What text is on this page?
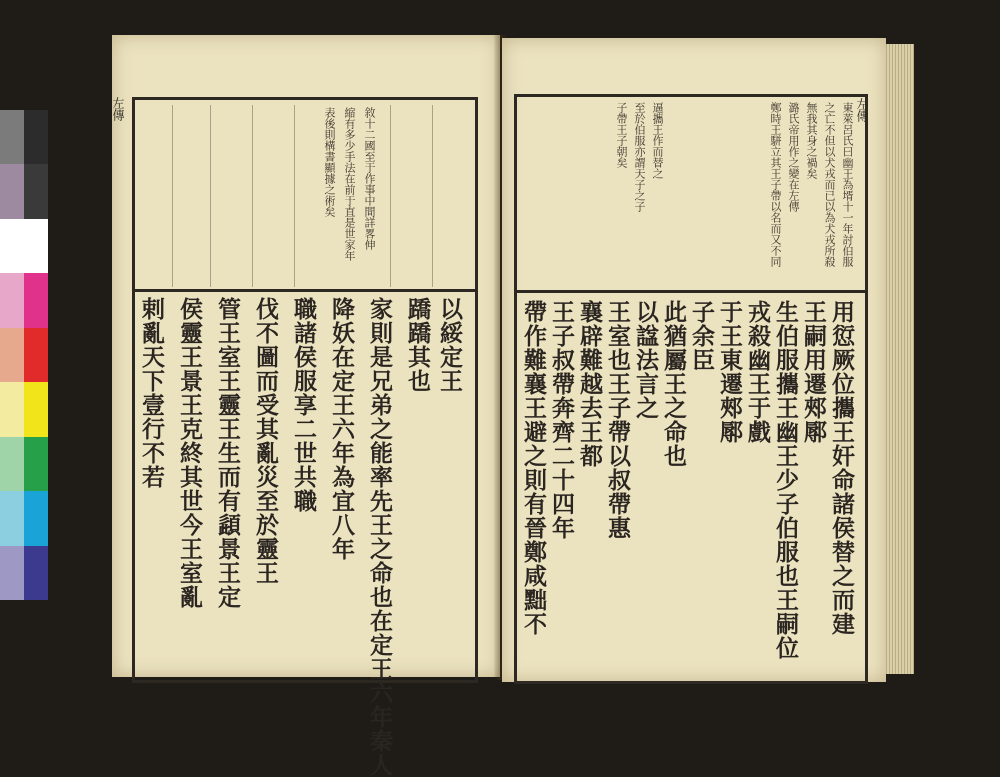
左傳	敘十二國至于作事中間詳畧伸
縮有多少手法在前于直是世家年
表後則構書顯據之術矣
剌亂天下壹行不若 侯靈王景王克終其世今王室亂 管王室王靈王生而有頿景王定 伐不圖而受其亂災至於靈王 職諸侯服享二世共職 降妖在定王六年為宜八年 家則是兄弟之能率先王之命也在定王六年秦人 蹻蹻其也 以綏定王
左傳
東萊呂氏曰幽王為壻十一年討伯服
之亡不但以犬戎而已以為犬戎所殺
無我其身之禍矣
潞氏帝用作之變在左傳
鄭時王駢立其王子帶以名而又不同
逼攜王作而替之
至於伯服亦謂天子之子
子帶王子朝矣
用愆厥位攜王奸命諸侯替之而建
王嗣用遷郟鄏
生伯服攜王幽王少子伯服也王嗣位
戎殺幽王于戲
于王東遷郟鄏
子余臣
此猶屬王之命也
以諡法言之
王室也王子帶以叔帶惠
襄辟難越去王都
王子叔帶奔齊二十四年
帶作難襄王避之則有晉鄭咸黜不
